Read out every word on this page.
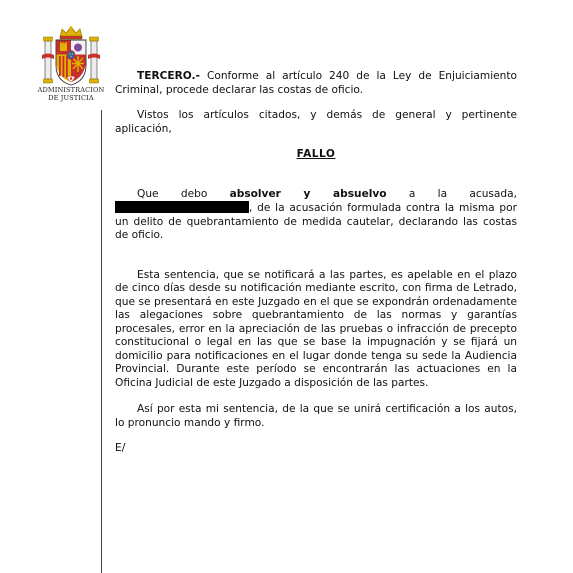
ADMINISTRACION
DE JUSTICIA

TERCERO.- Conforme al artículo 240 de la Ley de Enjuiciamiento Criminal, procede declarar las costas de oficio.

Vistos los artículos citados, y demás de general y pertinente aplicación,

FALLO

Que debo absolver y absuelvo a la acusada, , de la acusación formulada contra la misma por un delito de quebrantamiento de medida cautelar, declarando las costas de oficio.

Esta sentencia, que se notificará a las partes, es apelable en el plazo de cinco días desde su notificación mediante escrito, con firma de Letrado, que se presentará en este Juzgado en el que se expondrán ordenadamente las alegaciones sobre quebrantamiento de las normas y garantías procesales, error en la apreciación de las pruebas o infracción de precepto constitucional o legal en las que se base la impugnación y se fijará un domicilio para notificaciones en el lugar donde tenga su sede la Audiencia Provincial. Durante este período se encontrarán las actuaciones en la Oficina Judicial de este Juzgado a disposición de las partes.

Así por esta mi sentencia, de la que se unirá certificación a los autos, lo pronuncio mando y firmo.

E/
